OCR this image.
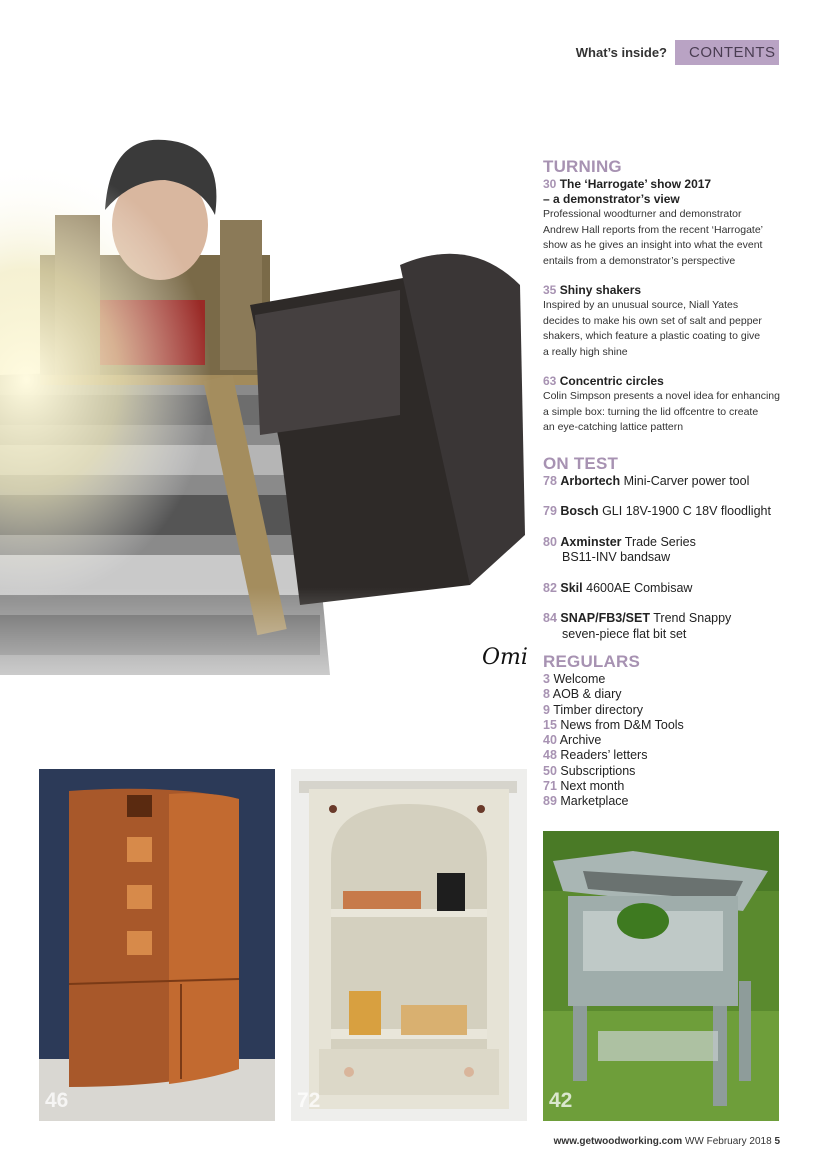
What’s inside?	CONTENTS
Omi
TURNING
30 The ‘Harrogate’ show 2017
– a demonstrator’s view
Professional woodturner and demonstrator
Andrew Hall reports from the recent ‘Harrogate’
show as he gives an insight into what the event
entails from a demonstrator’s perspective
35 Shiny shakers
Inspired by an unusual source, Niall Yates
decides to make his own set of salt and pepper
shakers, which feature a plastic coating to give
a really high shine
63 Concentric circles
Colin Simpson presents a novel idea for enhancing
a simple box: turning the lid offcentre to create
an eye-catching lattice pattern
ON TEST
78 Arbortech Mini-Carver power tool
79 Bosch GLI 18V-1900 C 18V floodlight
80 Axminster Trade Series
BS11-INV bandsaw
82 Skil 4600AE Combisaw
84 SNAP/FB3/SET Trend Snappy
seven-piece flat bit set
REGULARS
3 Welcome
8 AOB & diary
9 Timber directory
15 News from D&M Tools
40 Archive
48 Readers’ letters
50 Subscriptions
71 Next month
89 Marketplace
46	72	42
www.getwoodworking.com WW February 2018 5
